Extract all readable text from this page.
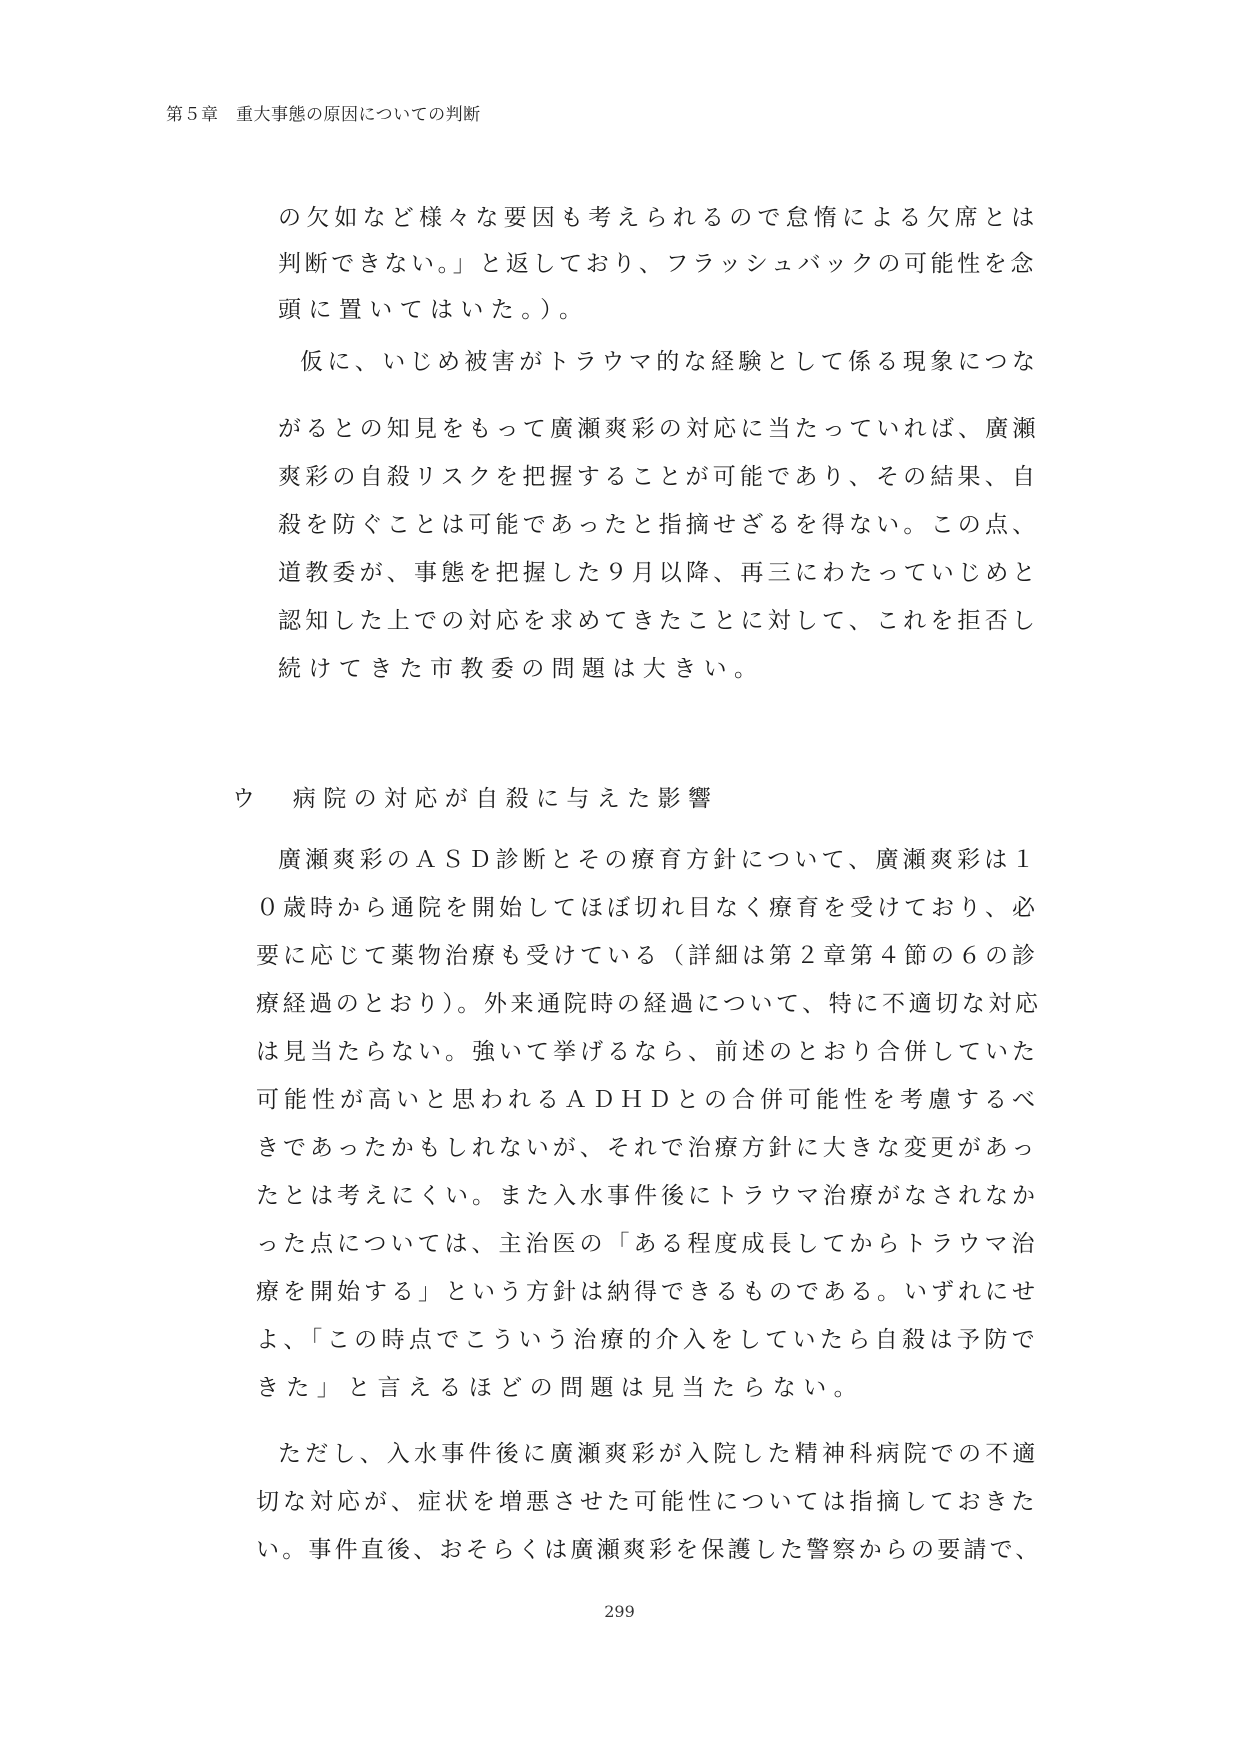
第５章　重大事態の原因についての判断
の欠如など様々な要因も考えられるので怠惰による欠席とは
判断できない。」と返しており、フラッシュバックの可能性を念
頭に置いてはいた。）。
仮に、いじめ被害がトラウマ的な経験として係る現象につな
がるとの知見をもって廣瀬爽彩の対応に当たっていれば、廣瀬
爽彩の自殺リスクを把握することが可能であり、その結果、自
殺を防ぐことは可能であったと指摘せざるを得ない。この点、
道教委が、事態を把握した９月以降、再三にわたっていじめと
認知した上での対応を求めてきたことに対して、これを拒否し
続けてきた市教委の問題は大きい。
ウ　病院の対応が自殺に与えた影響
廣瀬爽彩のＡＳＤ診断とその療育方針について、廣瀬爽彩は１
０歳時から通院を開始してほぼ切れ目なく療育を受けており、必
要に応じて薬物治療も受けている（詳細は第２章第４節の６の診
療経過のとおり）。外来通院時の経過について、特に不適切な対応
は見当たらない。強いて挙げるなら、前述のとおり合併していた
可能性が高いと思われるＡＤＨＤとの合併可能性を考慮するべ
きであったかもしれないが、それで治療方針に大きな変更があっ
たとは考えにくい。また入水事件後にトラウマ治療がなされなか
った点については、主治医の「ある程度成長してからトラウマ治
療を開始する」という方針は納得できるものである。いずれにせ
よ、「この時点でこういう治療的介入をしていたら自殺は予防で
きた」と言えるほどの問題は見当たらない。
ただし、入水事件後に廣瀬爽彩が入院した精神科病院での不適
切な対応が、症状を増悪させた可能性については指摘しておきた
い。事件直後、おそらくは廣瀬爽彩を保護した警察からの要請で、
299
